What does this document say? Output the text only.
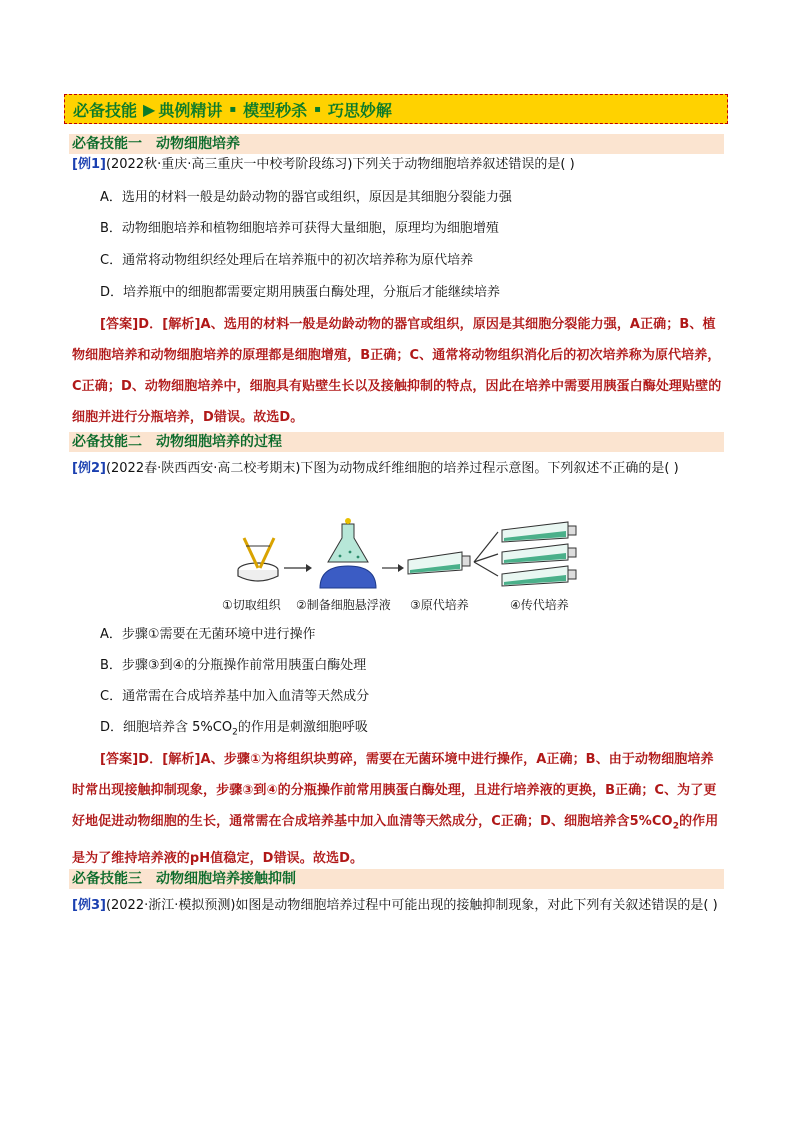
必备技能 ▶ 典例精讲 ▪ 模型秒杀 ▪ 巧思妙解
必备技能一 动物细胞培养
[例1](2022秋·重庆·高三重庆一中校考阶段练习)下列关于动物细胞培养叙述错误的是( )
A．选用的材料一般是幼龄动物的器官或组织，原因是其细胞分裂能力强
B．动物细胞培养和植物细胞培养可获得大量细胞，原理均为细胞增殖
C．通常将动物组织经处理后在培养瓶中的初次培养称为原代培养
D．培养瓶中的细胞都需要定期用胰蛋白酶处理，分瓶后才能继续培养
[答案]D．[解析]A、选用的材料一般是幼龄动物的器官或组织，原因是其细胞分裂能力强，A正确；B、植物细胞培养和动物细胞培养的原理都是细胞增殖，B正确；C、通常将动物组织消化后的初次培养称为原代培养，C正确；D、动物细胞培养中，细胞具有贴壁生长以及接触抑制的特点，因此在培养中需要用胰蛋白酶处理贴壁的细胞并进行分瓶培养，D错误。故选D。
必备技能二 动物细胞培养的过程
[例2](2022春·陕西西安·高二校考期末)下图为动物成纤维细胞的培养过程示意图。下列叙述不正确的是( )
①切取组织 ②制备细胞悬浮液 ③原代培养	④传代培养
A．步骤①需要在无菌环境中进行操作
B．步骤③到④的分瓶操作前常用胰蛋白酶处理
C．通常需在合成培养基中加入血清等天然成分
D．细胞培养含 $5\%CO_2$的作用是刺激细胞呼吸
[答案]D．[解析]A、步骤①为将组织块剪碎，需要在无菌环境中进行操作，A正确；B、由于动物细胞培养时常出现接触抑制现象，步骤③到④的分瓶操作前常用胰蛋白酶处理，且进行培养液的更换，B正确；C、为了更好地促进动物细胞的生长，通常需在合成培养基中加入血清等天然成分，C正确；D、细胞培养含$5\%CO_2$的作用是为了维持培养液的pH值稳定，D错误。故选D。
必备技能三 动物细胞培养接触抑制
[例3](2022·浙江·模拟预测)如图是动物细胞培养过程中可能出现的接触抑制现象，对此下列有关叙述错误的是( )
